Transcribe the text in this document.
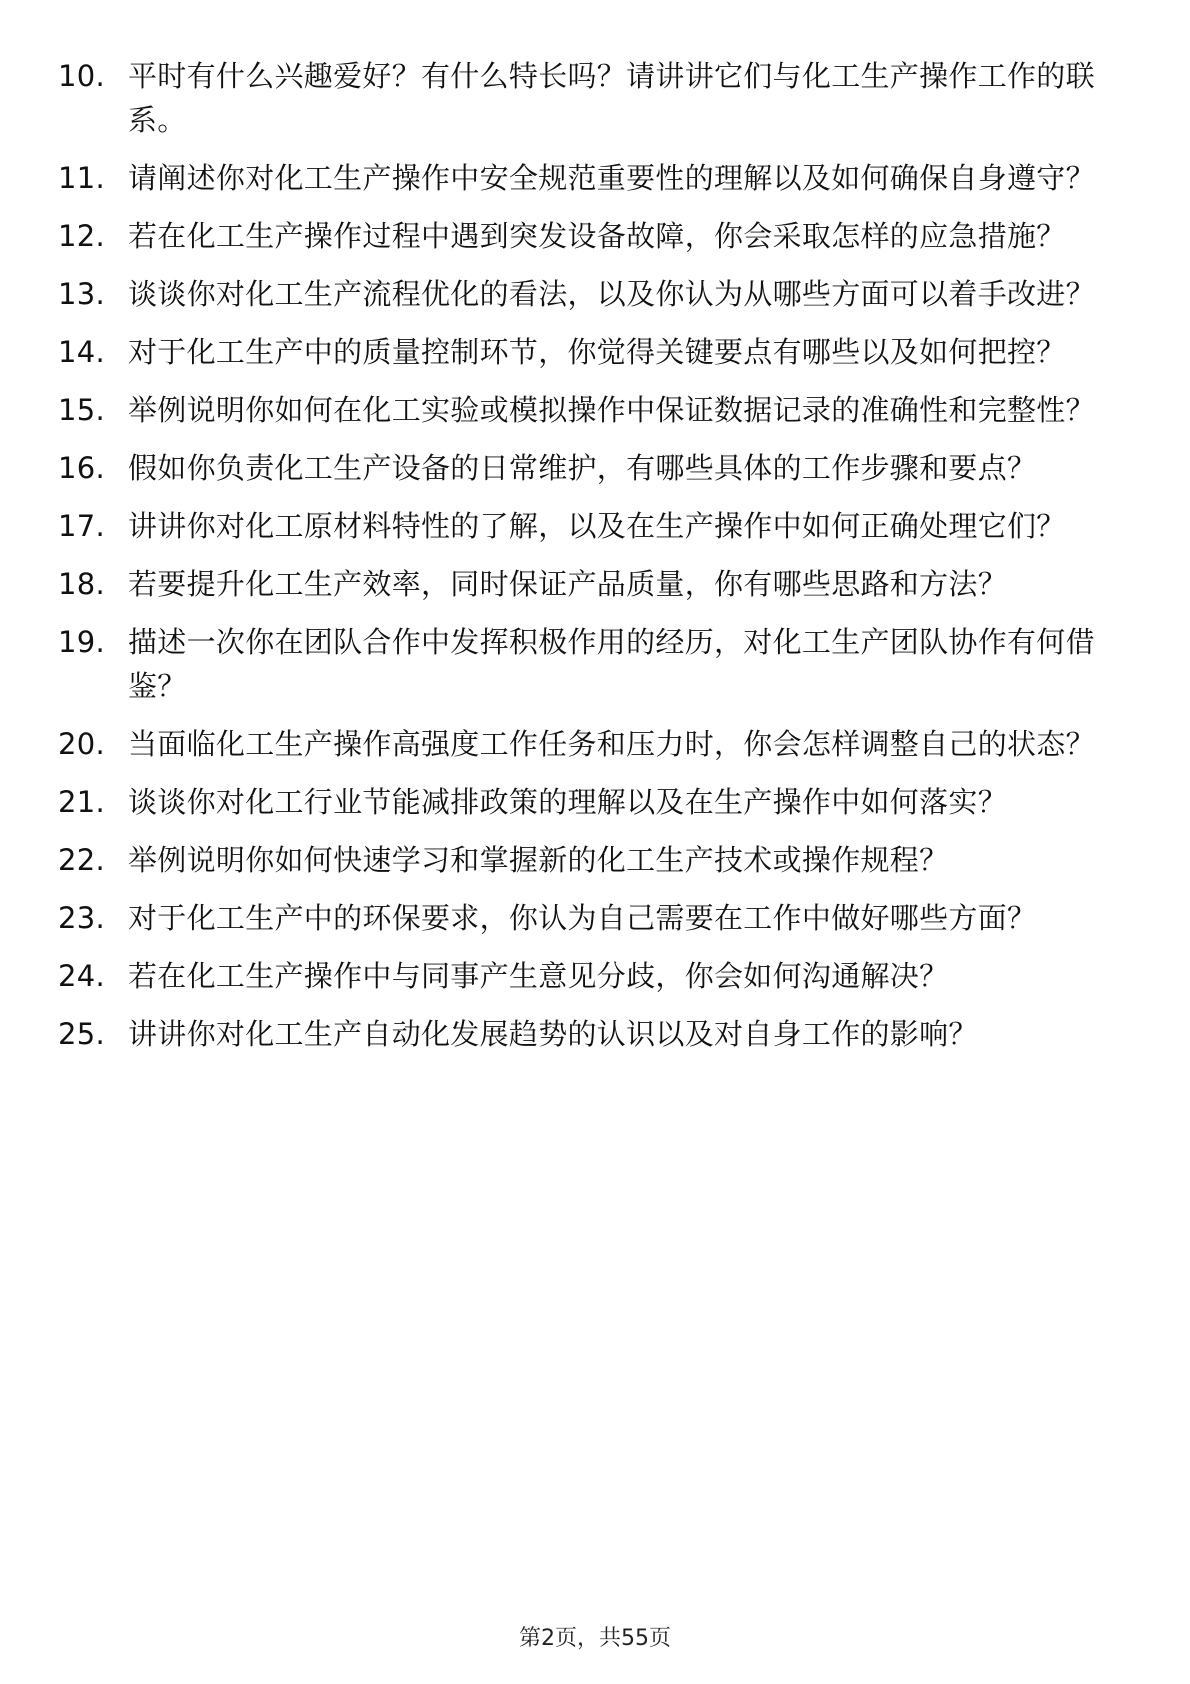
10. 平时有什么兴趣爱好？有什么特长吗？请讲讲它们与化工生产操作工作的联系。
11. 请阐述你对化工生产操作中安全规范重要性的理解以及如何确保自身遵守？
12. 若在化工生产操作过程中遇到突发设备故障，你会采取怎样的应急措施？
13. 谈谈你对化工生产流程优化的看法，以及你认为从哪些方面可以着手改进？
14. 对于化工生产中的质量控制环节，你觉得关键要点有哪些以及如何把控？
15. 举例说明你如何在化工实验或模拟操作中保证数据记录的准确性和完整性？
16. 假如你负责化工生产设备的日常维护，有哪些具体的工作步骤和要点？
17. 讲讲你对化工原材料特性的了解，以及在生产操作中如何正确处理它们？
18. 若要提升化工生产效率，同时保证产品质量，你有哪些思路和方法？
19. 描述一次你在团队合作中发挥积极作用的经历，对化工生产团队协作有何借鉴？
20. 当面临化工生产操作高强度工作任务和压力时，你会怎样调整自己的状态？
21. 谈谈你对化工行业节能减排政策的理解以及在生产操作中如何落实？
22. 举例说明你如何快速学习和掌握新的化工生产技术或操作规程？
23. 对于化工生产中的环保要求，你认为自己需要在工作中做好哪些方面？
24. 若在化工生产操作中与同事产生意见分歧，你会如何沟通解决？
25. 讲讲你对化工生产自动化发展趋势的认识以及对自身工作的影响？
第2页，共55页
